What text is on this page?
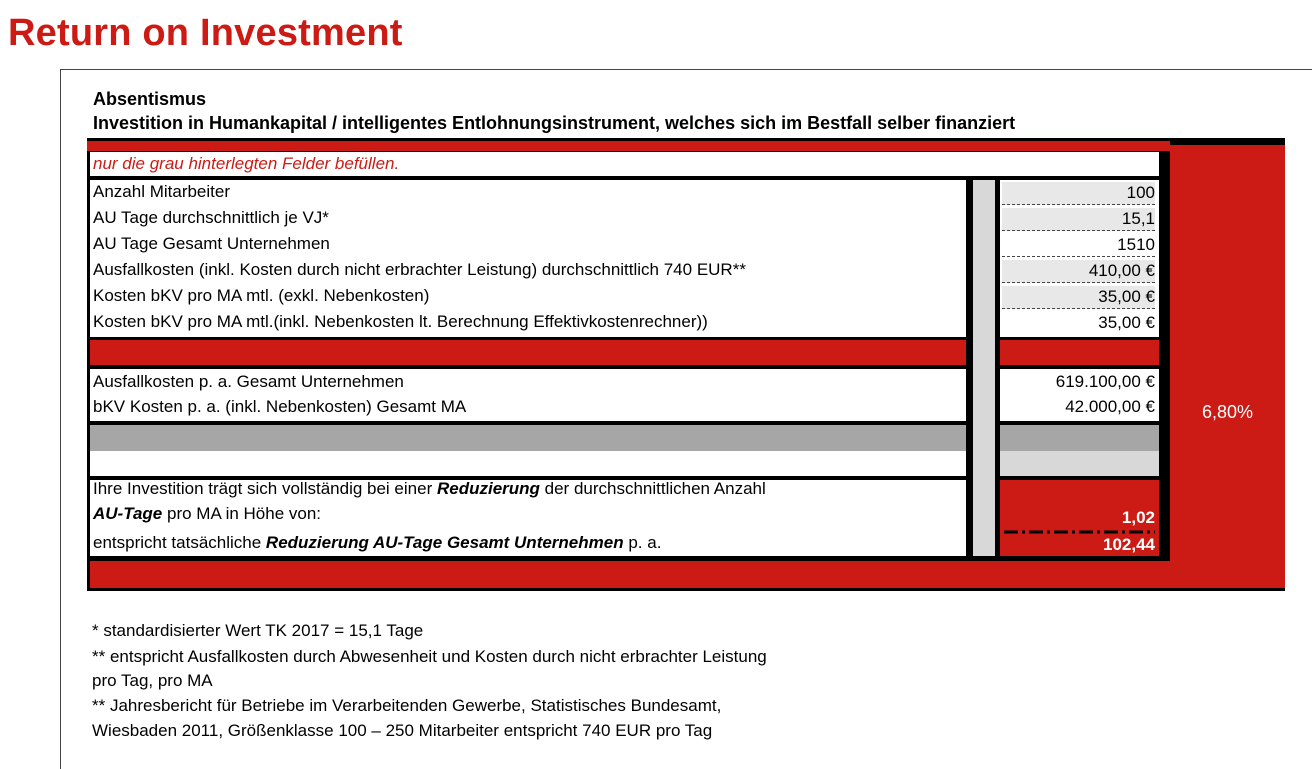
Return on Investment
Absentismus
Investition in Humankapital / intelligentes Entlohnungsinstrument, welches sich im Bestfall selber finanziert
6,80%
nur die grau hinterlegten Felder befüllen.
Anzahl Mitarbeiter
AU Tage durchschnittlich je VJ*
AU Tage Gesamt Unternehmen
Ausfallkosten (inkl. Kosten durch nicht erbrachter Leistung) durchschnittlich 740 EUR**
Kosten bKV pro MA mtl. (exkl. Nebenkosten)
Kosten bKV pro MA mtl.(inkl. Nebenkosten lt. Berechnung Effektivkostenrechner))
100
15,1
1510
410,00 €
35,00 €
35,00 €
Ausfallkosten p. a. Gesamt Unternehmen
bKV Kosten p. a. (inkl. Nebenkosten) Gesamt MA
619.100,00 €
42.000,00 €
Ihre Investition trägt sich vollständig bei einer Reduzierung der durchschnittlichen Anzahl
AU-Tage pro MA in Höhe von:
entspricht tatsächliche Reduzierung AU-Tage Gesamt Unternehmen p. a.
1,02
102,44
* standardisierter Wert TK 2017 = 15,1 Tage
** entspricht Ausfallkosten durch Abwesenheit und Kosten durch nicht erbrachter Leistung
pro Tag, pro MA
** Jahresbericht für Betriebe im Verarbeitenden Gewerbe, Statistisches Bundesamt,
Wiesbaden 2011, Größenklasse 100 – 250 Mitarbeiter entspricht 740 EUR pro Tag
